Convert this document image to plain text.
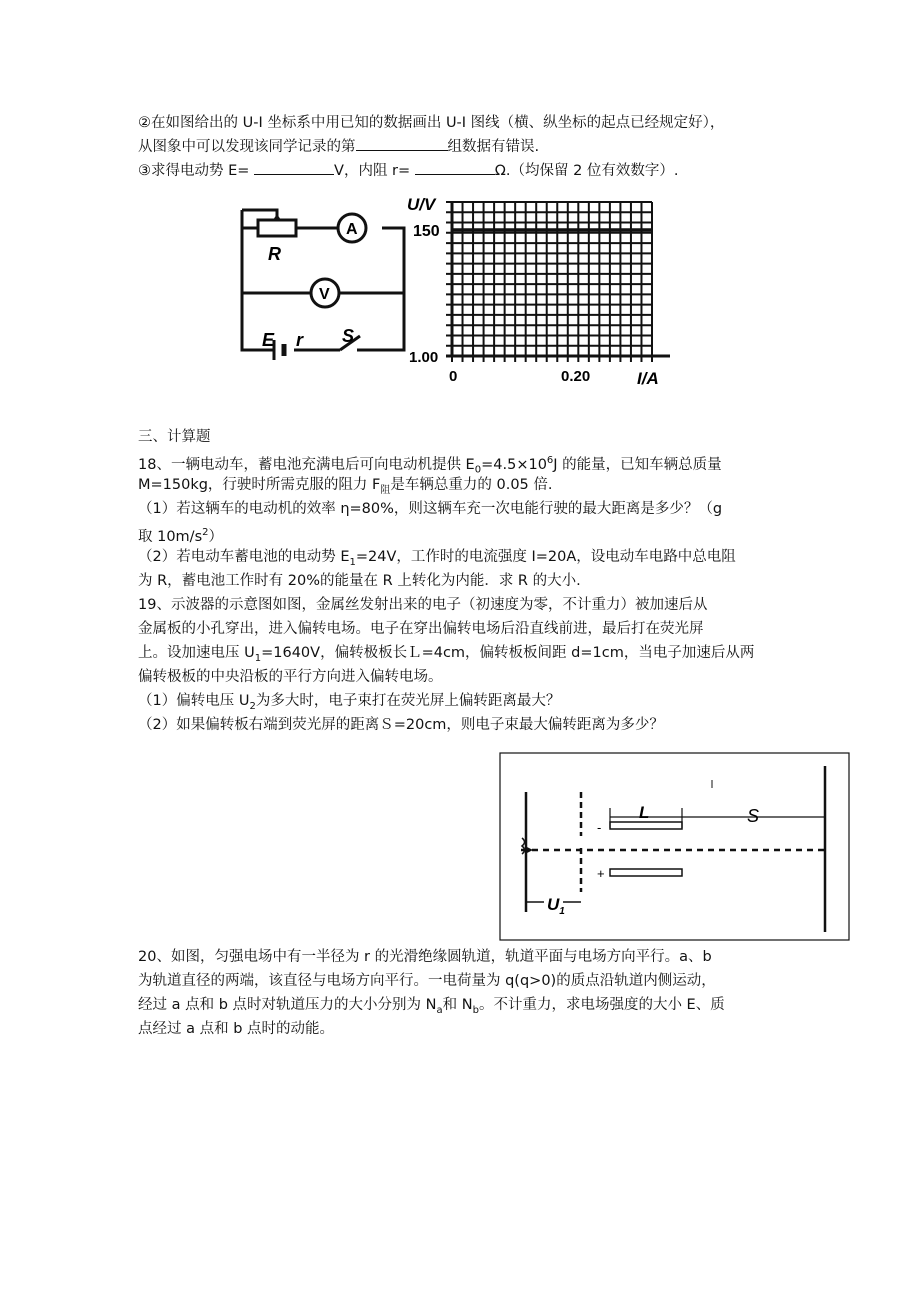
②在如图给出的 U-I 坐标系中用已知的数据画出 U-I 图线（横、纵坐标的起点已经规定好），
从图象中可以发现该同学记录的第	组数据有错误.
③求得电动势 E=	V，内阻 r=	Ω.（均保留 2 位有效数字）.
A
V
R
E r S
U/V
150
1.00
0	0.20	I/A
三、计算题
18、一辆电动车，蓄电池充满电后可向电动机提供 $E_0=4.5\times 10^6J$ 的能量，已知车辆总质量
M=150kg，行驶时所需克服的阻力 $F_阻$是车辆总重力的 0.05 倍.
（1）若这辆车的电动机的效率 η=80%，则这辆车充一次电能行驶的最大距离是多少？（g
取 $10m/s^2$）
（2）若电动车蓄电池的电动势 $E_1=24V$，工作时的电流强度 I=20A，设电动车电路中总电阻
为 R，蓄电池工作时有 20%的能量在 R 上转化为内能．求 R 的大小.
19、示波器的示意图如图，金属丝发射出来的电子（初速度为零，不计重力）被加速后从
金属板的小孔穿出，进入偏转电场。电子在穿出偏转电场后沿直线前进，最后打在荧光屏
上。设加速电压 $U_1=1640V$，偏转极板长Ｌ=4cm，偏转板板间距 d=1cm，当电子加速后从两
偏转极板的中央沿板的平行方向进入偏转电场。
（1）偏转电压 $U_2$为多大时，电子束打在荧光屏上偏转距离最大？
（2）如果偏转板右端到荧光屏的距离Ｓ=20cm，则电子束最大偏转距离为多少？
L	S
-
+
$U_1$
20、如图，匀强电场中有一半径为 r 的光滑绝缘圆轨道，轨道平面与电场方向平行。a、b
为轨道直径的两端，该直径与电场方向平行。一电荷量为 q(q>0)的质点沿轨道内侧运动，
经过 a 点和 b 点时对轨道压力的大小分别为 $N_a$和 $N_b$。不计重力，求电场强度的大小 E、质
点经过 a 点和 b 点时的动能。
